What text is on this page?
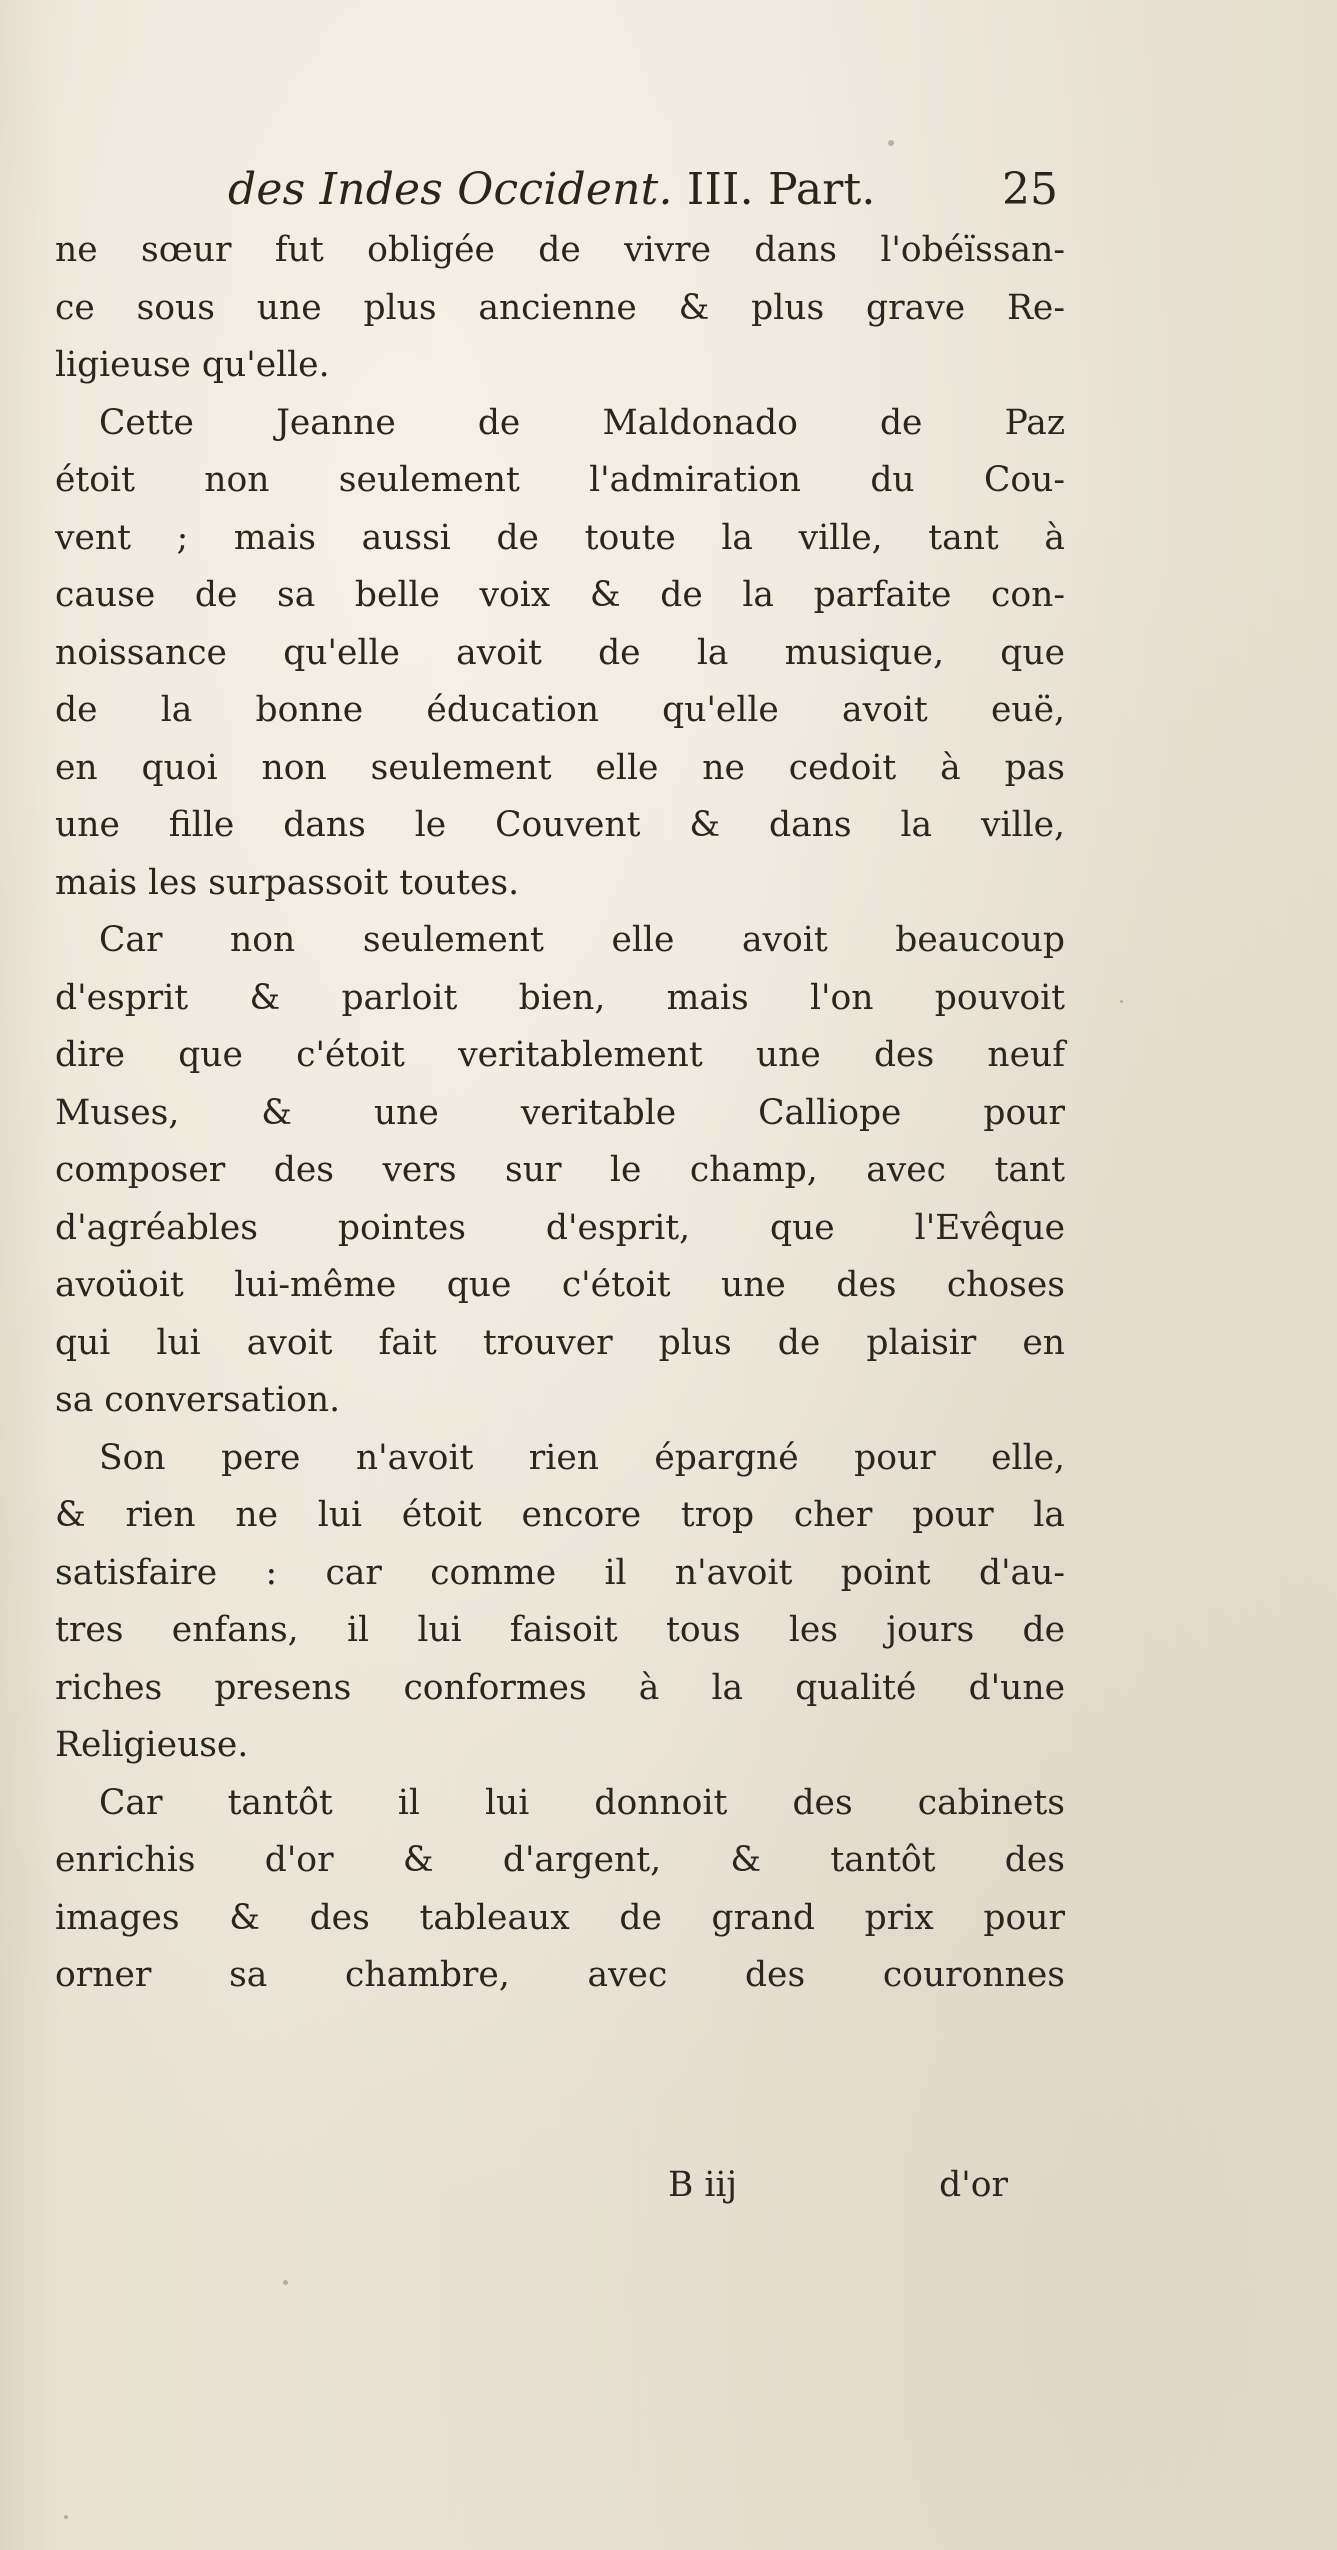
des Indes Occident. III. Part.	25
ne sœur fut obligée de vivre dans l'obéïssan-
ce sous une plus ancienne & plus grave Re-
ligieuse qu'elle.
Cette Jeanne de Maldonado de Paz
étoit non seulement l'admiration du Cou-
vent ; mais aussi de toute la ville, tant à
cause de sa belle voix & de la parfaite con-
noissance qu'elle avoit de la musique, que
de la bonne éducation qu'elle avoit euë,
en quoi non seulement elle ne cedoit à pas
une fille dans le Couvent & dans la ville,
mais les surpassoit toutes.
Car non seulement elle avoit beaucoup
d'esprit & parloit bien, mais l'on pouvoit
dire que c'étoit veritablement une des neuf
Muses, & une veritable Calliope pour
composer des vers sur le champ, avec tant
d'agréables pointes d'esprit, que l'Evêque
avoüoit lui-même que c'étoit une des choses
qui lui avoit fait trouver plus de plaisir en
sa conversation.
Son pere n'avoit rien épargné pour elle,
& rien ne lui étoit encore trop cher pour la
satisfaire : car comme il n'avoit point d'au-
tres enfans, il lui faisoit tous les jours de
riches presens conformes à la qualité d'une
Religieuse.
Car tantôt il lui donnoit des cabinets
enrichis d'or & d'argent, & tantôt des
images & des tableaux de grand prix pour
orner sa chambre, avec des couronnes
B iij	d'or
